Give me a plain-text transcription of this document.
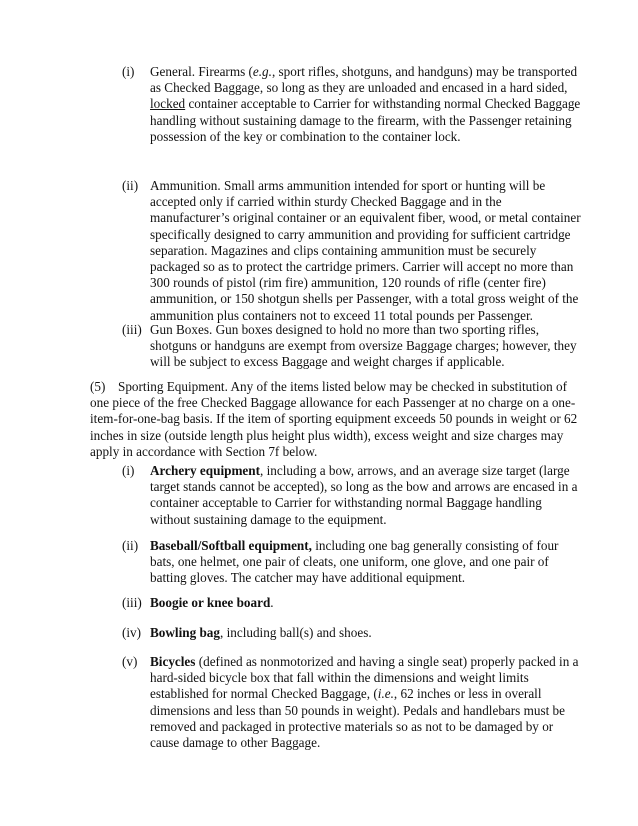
(i) General. Firearms (e.g., sport rifles, shotguns, and handguns) may be transported as Checked Baggage, so long as they are unloaded and encased in a hard sided, locked container acceptable to Carrier for withstanding normal Checked Baggage handling without sustaining damage to the firearm, with the Passenger retaining possession of the key or combination to the container lock.
(ii) Ammunition. Small arms ammunition intended for sport or hunting will be accepted only if carried within sturdy Checked Baggage and in the manufacturer’s original container or an equivalent fiber, wood, or metal container specifically designed to carry ammunition and providing for sufficient cartridge separation. Magazines and clips containing ammunition must be securely packaged so as to protect the cartridge primers. Carrier will accept no more than 300 rounds of pistol (rim fire) ammunition, 120 rounds of rifle (center fire) ammunition, or 150 shotgun shells per Passenger, with a total gross weight of the ammunition plus containers not to exceed 11 total pounds per Passenger.
(iii) Gun Boxes. Gun boxes designed to hold no more than two sporting rifles, shotguns or handguns are exempt from oversize Baggage charges; however, they will be subject to excess Baggage and weight charges if applicable.
(5) Sporting Equipment. Any of the items listed below may be checked in substitution of one piece of the free Checked Baggage allowance for each Passenger at no charge on a one-item-for-one-bag basis. If the item of sporting equipment exceeds 50 pounds in weight or 62 inches in size (outside length plus height plus width), excess weight and size charges may apply in accordance with Section 7f below.
(i) Archery equipment, including a bow, arrows, and an average size target (large target stands cannot be accepted), so long as the bow and arrows are encased in a container acceptable to Carrier for withstanding normal Baggage handling without sustaining damage to the equipment.
(ii) Baseball/Softball equipment, including one bag generally consisting of four bats, one helmet, one pair of cleats, one uniform, one glove, and one pair of batting gloves. The catcher may have additional equipment.
(iii) Boogie or knee board.
(iv) Bowling bag, including ball(s) and shoes.
(v) Bicycles (defined as nonmotorized and having a single seat) properly packed in a hard-sided bicycle box that fall within the dimensions and weight limits established for normal Checked Baggage, (i.e., 62 inches or less in overall dimensions and less than 50 pounds in weight). Pedals and handlebars must be removed and packaged in protective materials so as not to be damaged by or cause damage to other Baggage.
